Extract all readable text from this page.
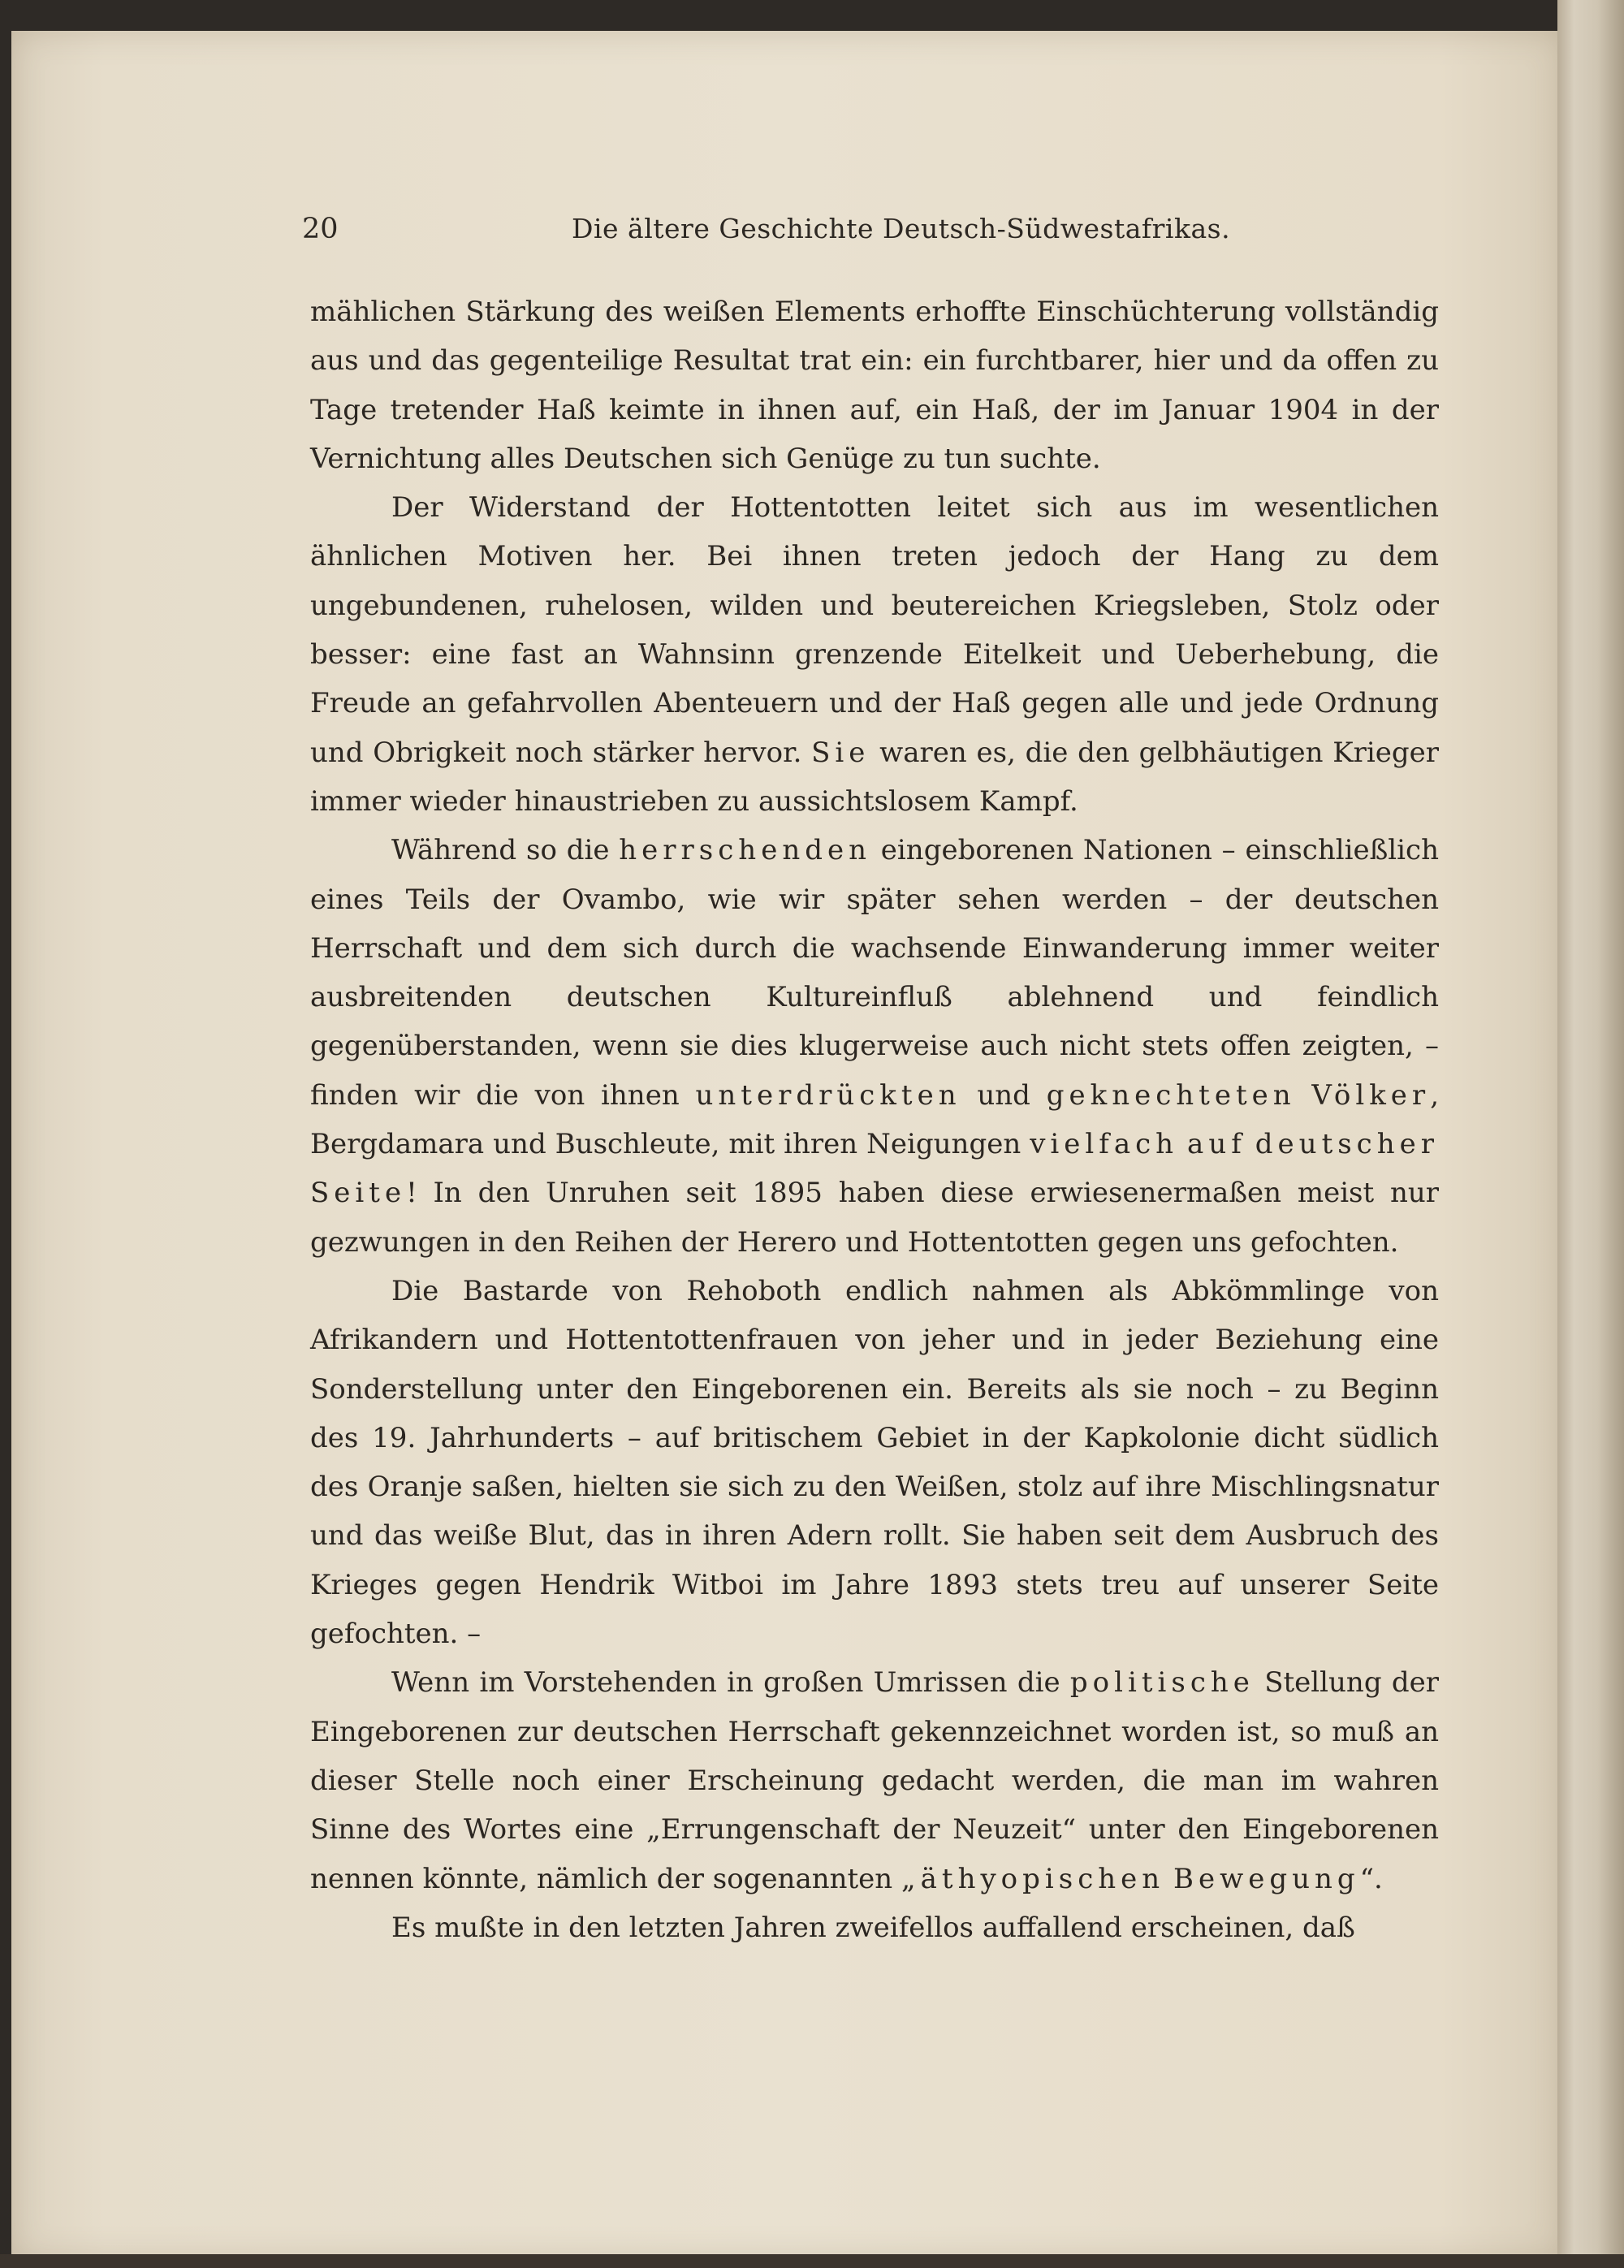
20	Die ältere Geschichte Deutsch-Südwestafrikas.

mählichen Stärkung des weißen Elements erhoffte Einschüchterung vollständig aus und das gegenteilige Resultat trat ein: ein furchtbarer, hier und da offen zu Tage tretender Haß keimte in ihnen auf, ein Haß, der im Januar 1904 in der Vernichtung alles Deutschen sich Genüge zu tun suchte.

Der Widerstand der Hottentotten leitet sich aus im wesentlichen ähnlichen Motiven her. Bei ihnen treten jedoch der Hang zu dem ungebundenen, ruhelosen, wilden und beutereichen Kriegsleben, Stolz oder besser: eine fast an Wahnsinn grenzende Eitelkeit und Ueberhebung, die Freude an gefahrvollen Abenteuern und der Haß gegen alle und jede Ordnung und Obrigkeit noch stärker hervor. Sie waren es, die den gelbhäutigen Krieger immer wieder hinaustrieben zu aussichtslosem Kampf.

Während so die herrschenden eingeborenen Nationen – einschließlich eines Teils der Ovambo, wie wir später sehen werden – der deutschen Herrschaft und dem sich durch die wachsende Einwanderung immer weiter ausbreitenden deutschen Kultureinfluß ablehnend und feindlich gegenüberstanden, wenn sie dies klugerweise auch nicht stets offen zeigten, – finden wir die von ihnen unterdrückten und geknechteten Völker, Bergdamara und Buschleute, mit ihren Neigungen vielfach auf deutscher Seite! In den Unruhen seit 1895 haben diese erwiesenermaßen meist nur gezwungen in den Reihen der Herero und Hottentotten gegen uns gefochten.

Die Bastarde von Rehoboth endlich nahmen als Abkömmlinge von Afrikandern und Hottentottenfrauen von jeher und in jeder Beziehung eine Sonderstellung unter den Eingeborenen ein. Bereits als sie noch – zu Beginn des 19. Jahrhunderts – auf britischem Gebiet in der Kapkolonie dicht südlich des Oranje saßen, hielten sie sich zu den Weißen, stolz auf ihre Mischlingsnatur und das weiße Blut, das in ihren Adern rollt. Sie haben seit dem Ausbruch des Krieges gegen Hendrik Witboi im Jahre 1893 stets treu auf unserer Seite gefochten. –

Wenn im Vorstehenden in großen Umrissen die politische Stellung der Eingeborenen zur deutschen Herrschaft gekennzeichnet worden ist, so muß an dieser Stelle noch einer Erscheinung gedacht werden, die man im wahren Sinne des Wortes eine „Errungenschaft der Neuzeit“ unter den Eingeborenen nennen könnte, nämlich der sogenannten „äthyopischen Bewegung“.

Es mußte in den letzten Jahren zweifellos auffallend erscheinen, daß
